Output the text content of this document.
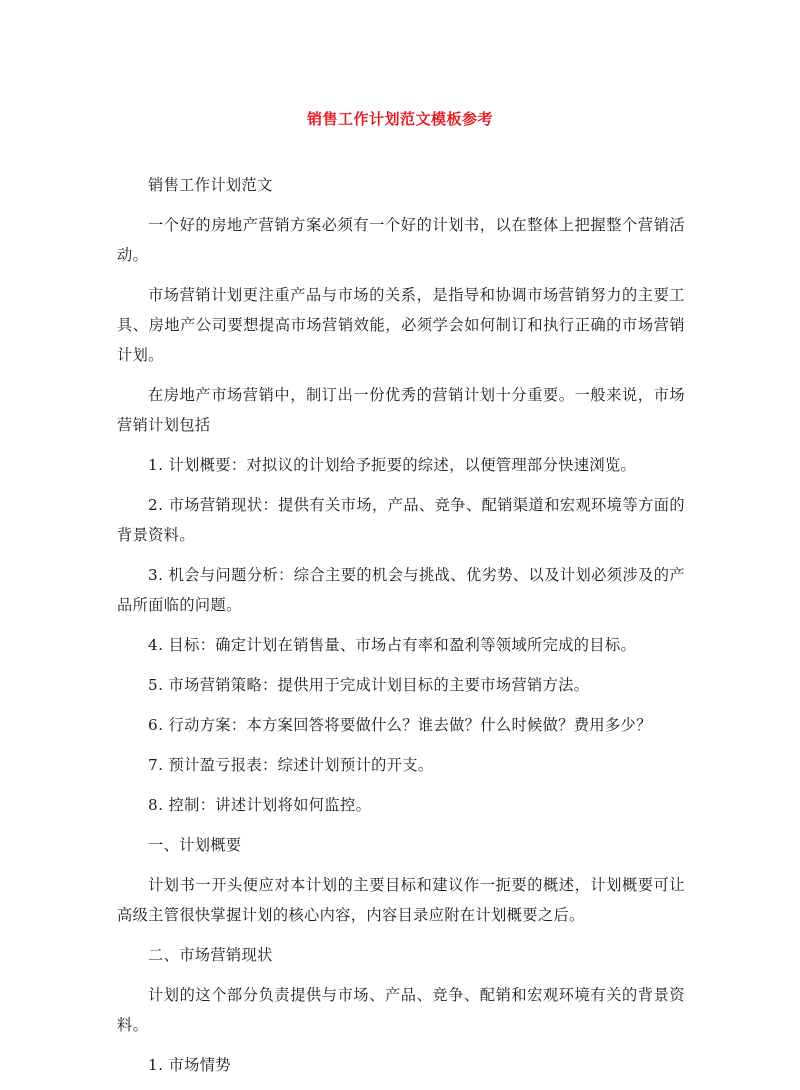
销售工作计划范文模板参考

销售工作计划范文

一个好的房地产营销方案必须有一个好的计划书，以在整体上把握整个营销活动。

市场营销计划更注重产品与市场的关系，是指导和协调市场营销努力的主要工具、房地产公司要想提高市场营销效能，必须学会如何制订和执行正确的市场营销计划。

在房地产市场营销中，制订出一份优秀的营销计划十分重要。一般来说，市场营销计划包括

1. 计划概要：对拟议的计划给予扼要的综述，以便管理部分快速浏览。

2. 市场营销现状：提供有关市场，产品、竞争、配销渠道和宏观环境等方面的背景资料。

3. 机会与问题分析：综合主要的机会与挑战、优劣势、以及计划必须涉及的产品所面临的问题。

4. 目标：确定计划在销售量、市场占有率和盈利等领域所完成的目标。

5. 市场营销策略：提供用于完成计划目标的主要市场营销方法。

6. 行动方案：本方案回答将要做什么？谁去做？什么时候做？费用多少？

7. 预计盈亏报表：综述计划预计的开支。

8. 控制：讲述计划将如何监控。

一、计划概要

计划书一开头便应对本计划的主要目标和建议作一扼要的概述，计划概要可让高级主管很快掌握计划的核心内容，内容目录应附在计划概要之后。

二、市场营销现状

计划的这个部分负责提供与市场、产品、竞争、配销和宏观环境有关的背景资料。

1. 市场情势
